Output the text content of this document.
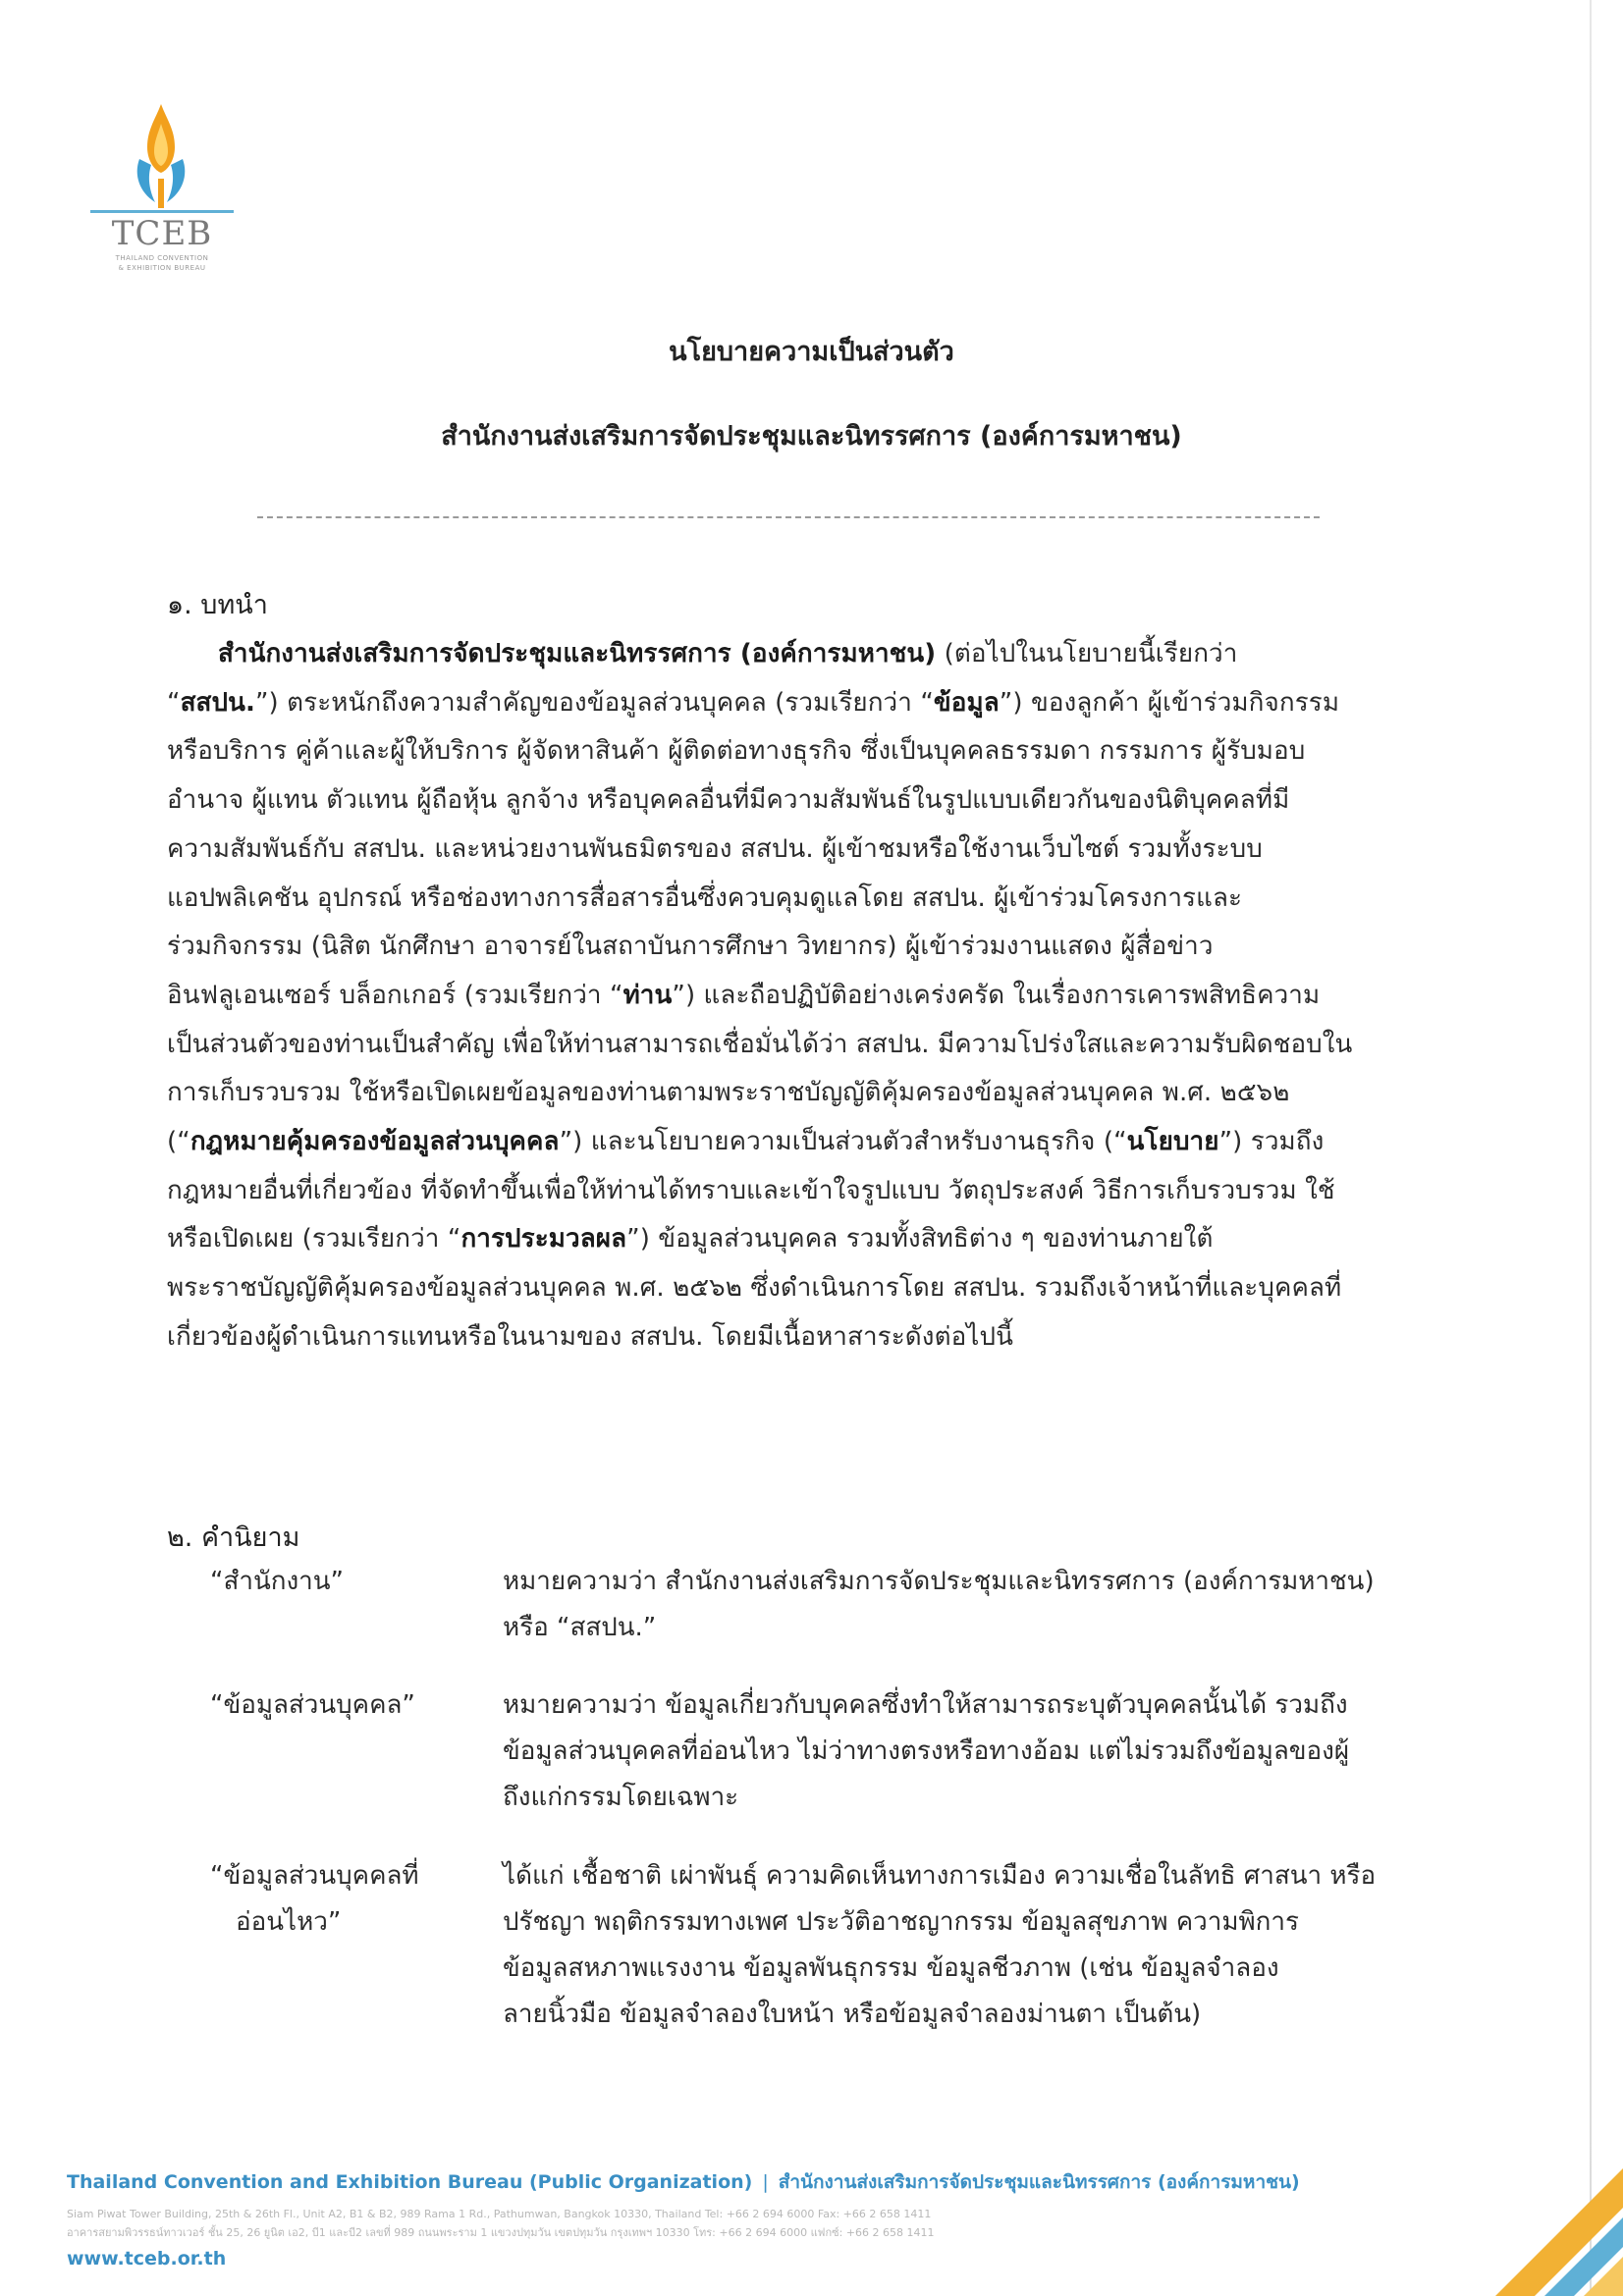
TCEB
THAILAND CONVENTION
& EXHIBITION BUREAU
นโยบายความเป็นส่วนตัว
สำนักงานส่งเสริมการจัดประชุมและนิทรรศการ (องค์การมหาชน)
๑. บทนำ
สำนักงานส่งเสริมการจัดประชุมและนิทรรศการ (องค์การมหาชน) (ต่อไปในนโยบายนี้เรียกว่า
“สสปน.”) ตระหนักถึงความสำคัญของข้อมูลส่วนบุคคล (รวมเรียกว่า “ข้อมูล”) ของลูกค้า ผู้เข้าร่วมกิจกรรม
หรือบริการ คู่ค้าและผู้ให้บริการ ผู้จัดหาสินค้า ผู้ติดต่อทางธุรกิจ ซึ่งเป็นบุคคลธรรมดา กรรมการ ผู้รับมอบ
อำนาจ ผู้แทน ตัวแทน ผู้ถือหุ้น ลูกจ้าง หรือบุคคลอื่นที่มีความสัมพันธ์ในรูปแบบเดียวกันของนิติบุคคลที่มี
ความสัมพันธ์กับ สสปน. และหน่วยงานพันธมิตรของ สสปน. ผู้เข้าชมหรือใช้งานเว็บไซต์ รวมทั้งระบบ
แอปพลิเคชัน อุปกรณ์ หรือช่องทางการสื่อสารอื่นซึ่งควบคุมดูแลโดย สสปน. ผู้เข้าร่วมโครงการและ
ร่วมกิจกรรม (นิสิต นักศึกษา อาจารย์ในสถาบันการศึกษา วิทยากร) ผู้เข้าร่วมงานแสดง ผู้สื่อข่าว
อินฟลูเอนเซอร์ บล็อกเกอร์ (รวมเรียกว่า “ท่าน”) และถือปฏิบัติอย่างเคร่งครัด ในเรื่องการเคารพสิทธิความ
เป็นส่วนตัวของท่านเป็นสำคัญ เพื่อให้ท่านสามารถเชื่อมั่นได้ว่า สสปน. มีความโปร่งใสและความรับผิดชอบใน
การเก็บรวบรวม ใช้หรือเปิดเผยข้อมูลของท่านตามพระราชบัญญัติคุ้มครองข้อมูลส่วนบุคคล พ.ศ. ๒๕๖๒
(“กฎหมายคุ้มครองข้อมูลส่วนบุคคล”) และนโยบายความเป็นส่วนตัวสำหรับงานธุรกิจ (“นโยบาย”) รวมถึง
กฎหมายอื่นที่เกี่ยวข้อง ที่จัดทำขึ้นเพื่อให้ท่านได้ทราบและเข้าใจรูปแบบ วัตถุประสงค์ วิธีการเก็บรวบรวม ใช้
หรือเปิดเผย (รวมเรียกว่า “การประมวลผล”) ข้อมูลส่วนบุคคล รวมทั้งสิทธิต่าง ๆ ของท่านภายใต้
พระราชบัญญัติคุ้มครองข้อมูลส่วนบุคคล พ.ศ. ๒๕๖๒ ซึ่งดำเนินการโดย สสปน. รวมถึงเจ้าหน้าที่และบุคคลที่
เกี่ยวข้องผู้ดำเนินการแทนหรือในนามของ สสปน. โดยมีเนื้อหาสาระดังต่อไปนี้
๒. คำนิยาม
“สำนักงาน”	หมายความว่า สำนักงานส่งเสริมการจัดประชุมและนิทรรศการ (องค์การมหาชน)
หรือ “สสปน.”
“ข้อมูลส่วนบุคคล”	หมายความว่า ข้อมูลเกี่ยวกับบุคคลซึ่งทำให้สามารถระบุตัวบุคคลนั้นได้ รวมถึง
ข้อมูลส่วนบุคคลที่อ่อนไหว ไม่ว่าทางตรงหรือทางอ้อม แต่ไม่รวมถึงข้อมูลของผู้
ถึงแก่กรรมโดยเฉพาะ
“ข้อมูลส่วนบุคคลที่
อ่อนไหว”
ได้แก่ เชื้อชาติ เผ่าพันธุ์ ความคิดเห็นทางการเมือง ความเชื่อในลัทธิ ศาสนา หรือ
ปรัชญา พฤติกรรมทางเพศ ประวัติอาชญากรรม ข้อมูลสุขภาพ ความพิการ
ข้อมูลสหภาพแรงงาน ข้อมูลพันธุกรรม ข้อมูลชีวภาพ (เช่น ข้อมูลจำลอง
ลายนิ้วมือ ข้อมูลจำลองใบหน้า หรือข้อมูลจำลองม่านตา เป็นต้น)
Thailand Convention and Exhibition Bureau (Public Organization) | สำนักงานส่งเสริมการจัดประชุมและนิทรรศการ (องค์การมหาชน)
Siam Piwat Tower Building, 25th & 26th Fl., Unit A2, B1 & B2, 989 Rama 1 Rd., Pathumwan, Bangkok 10330, Thailand Tel: +66 2 694 6000 Fax: +66 2 658 1411
อาคารสยามพิวรรธน์ทาวเวอร์ ชั้น 25, 26 ยูนิต เอ2, บี1 และบี2 เลขที่ 989 ถนนพระราม 1 แขวงปทุมวัน เขตปทุมวัน กรุงเทพฯ 10330 โทร: +66 2 694 6000 แฟกซ์: +66 2 658 1411
www.tceb.or.th
